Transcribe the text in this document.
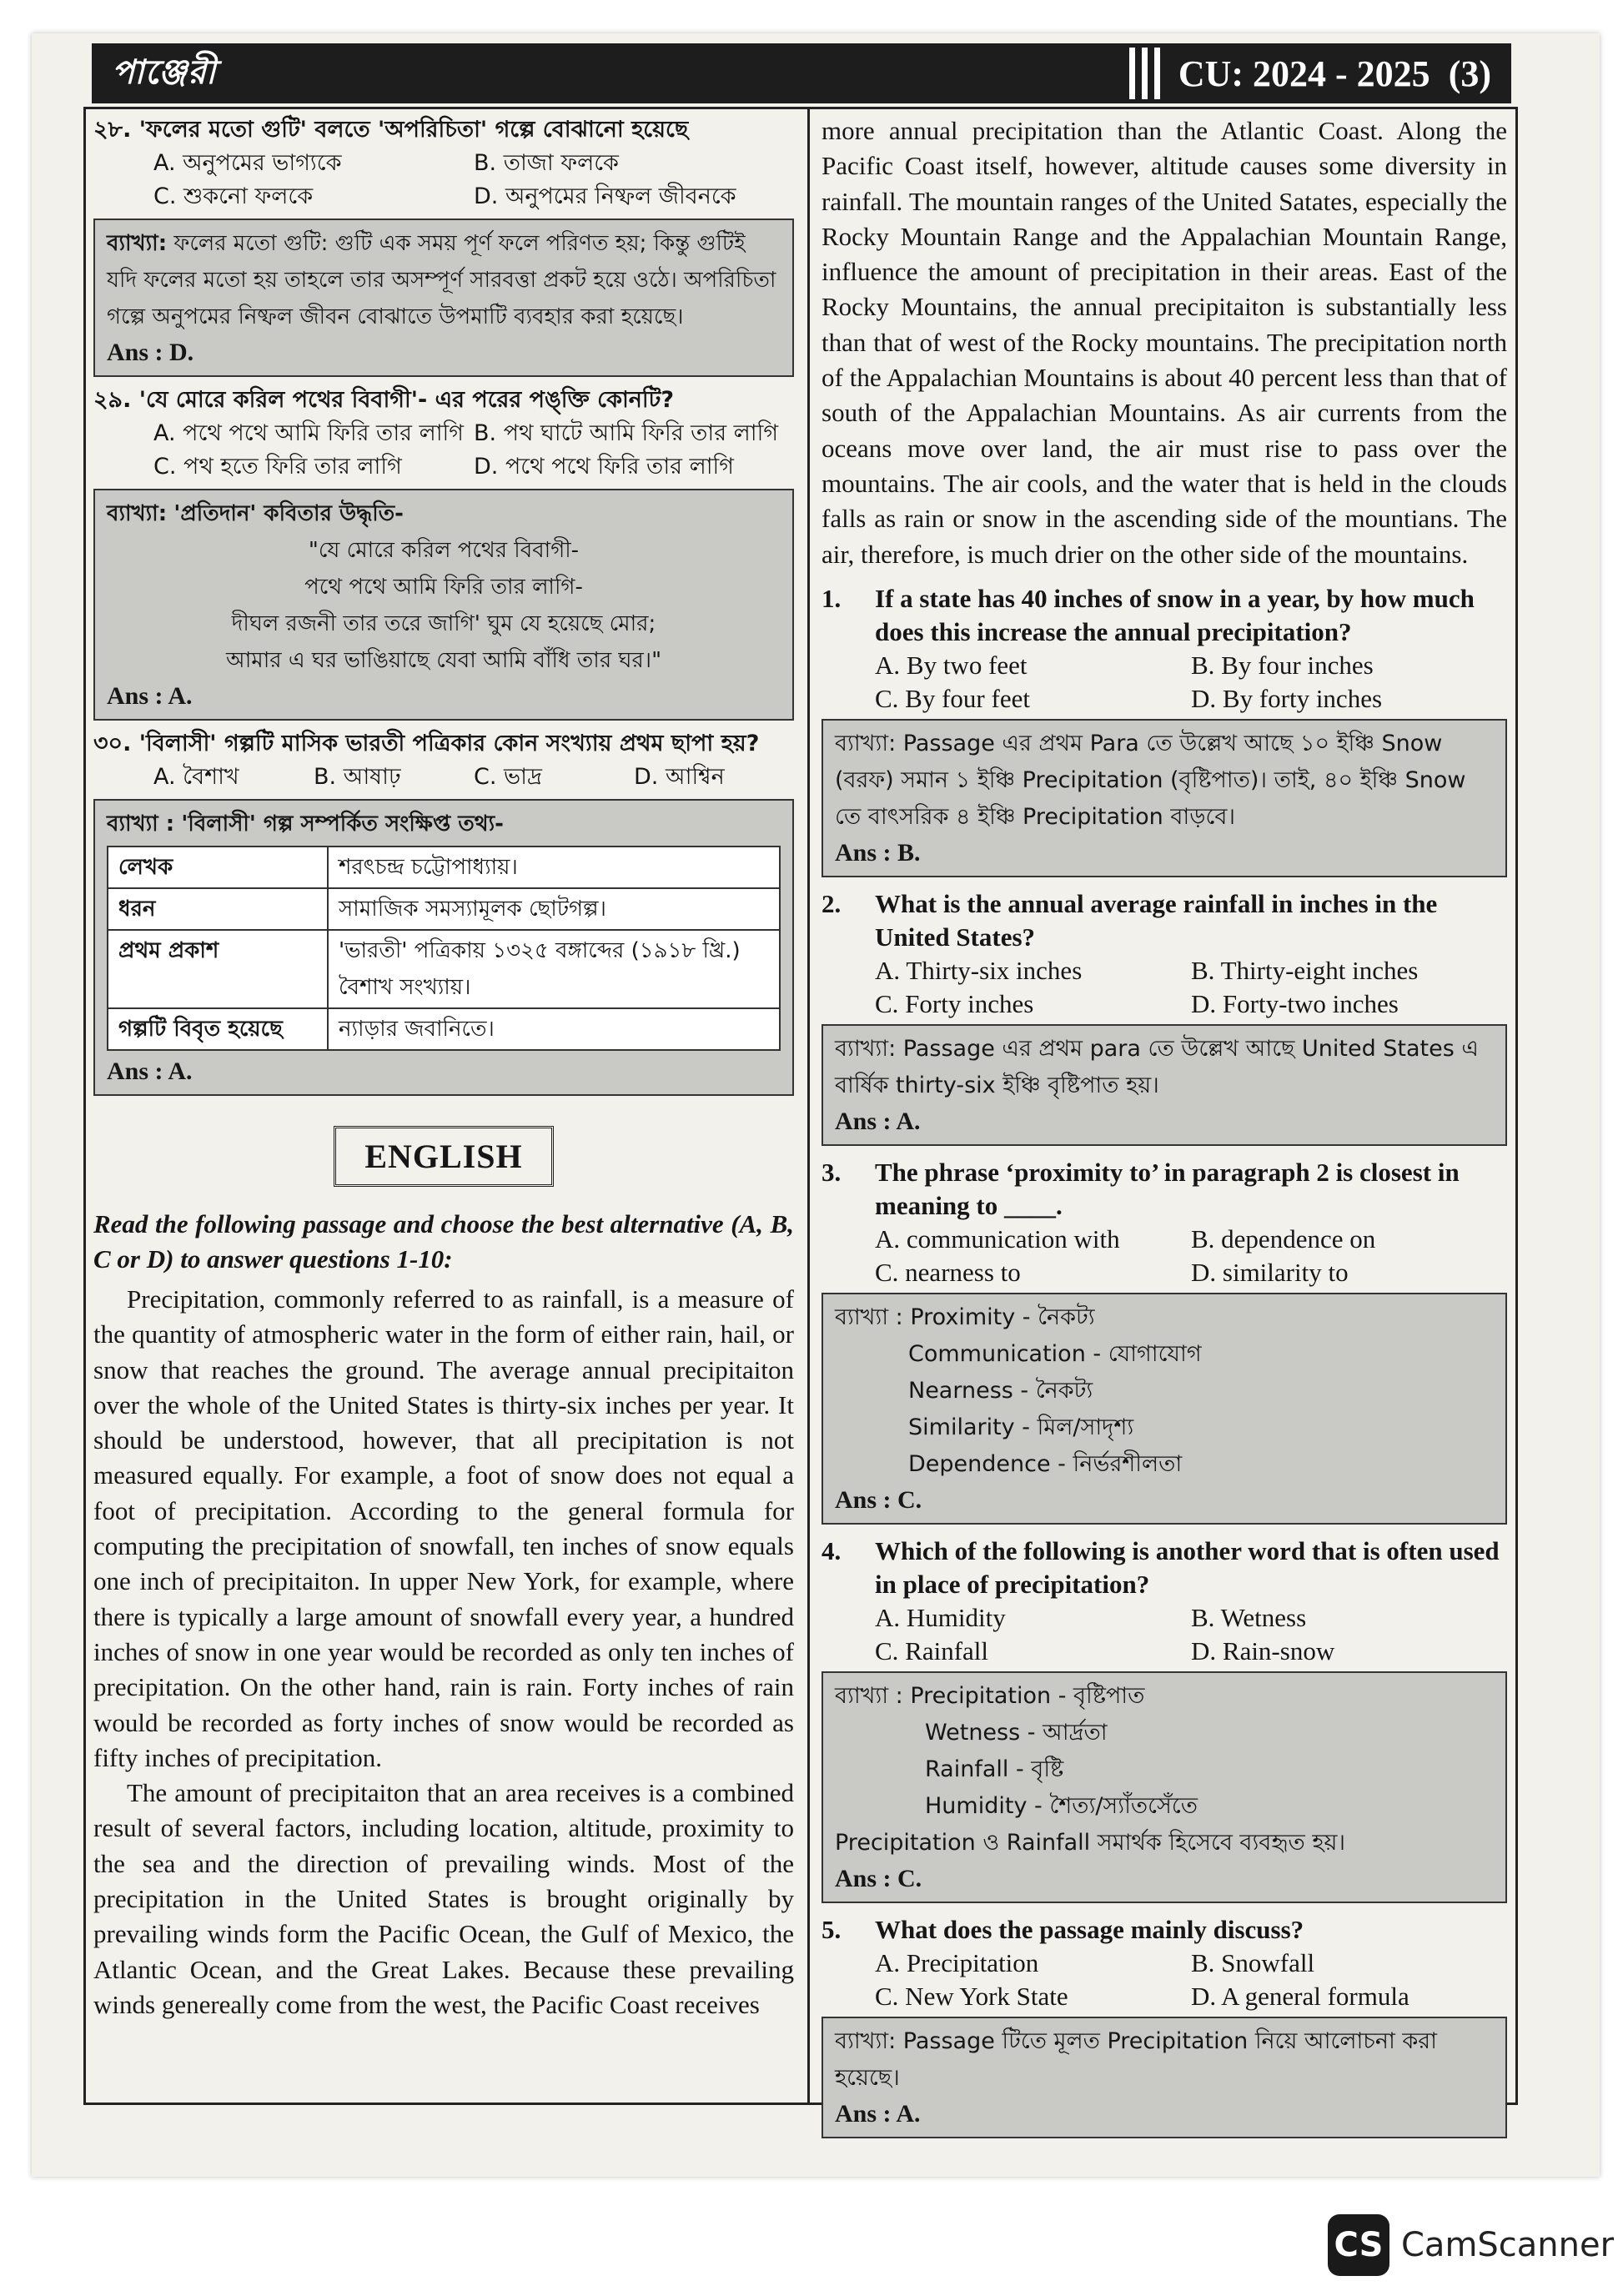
পাঞ্জেরী	CU: 2024 - 2025 (3)

২৮. 'ফলের মতো গুটি' বলতে 'অপরিচিতা' গল্পে বোঝানো হয়েছে

A. অনুপমের ভাগ্যকে	B. তাজা ফলকে
C. শুকনো ফলকে	D. অনুপমের নিষ্ফল জীবনকে
ব্যাখ্যা: ফলের মতো গুটি: গুটি এক সময় পূর্ণ ফলে পরিণত হয়; কিন্তু গুটিই যদি ফলের মতো হয় তাহলে তার অসম্পূর্ণ সারবত্তা প্রকট হয়ে ওঠে। অপরিচিতা গল্পে অনুপমের নিষ্ফল জীবন বোঝাতে উপমাটি ব্যবহার করা হয়েছে।
Ans : D.

২৯. 'যে মোরে করিল পথের বিবাগী'- এর পরের পঙ্‌ক্তি কোনটি?

A. পথে পথে আমি ফিরি তার লাগি B. পথ ঘাটে আমি ফিরি তার লাগি
C. পথ হতে ফিরি তার লাগি	D. পথে পথে ফিরি তার লাগি
ব্যাখ্যা: 'প্রতিদান' কবিতার উদ্ধৃতি-
"যে মোরে করিল পথের বিবাগী-
পথে পথে আমি ফিরি তার লাগি-
দীঘল রজনী তার তরে জাগি' ঘুম যে হয়েছে মোর;
আমার এ ঘর ভাঙিয়াছে যেবা আমি বাঁধি তার ঘর।"
Ans : A.

৩০. 'বিলাসী' গল্পটি মাসিক ভারতী পত্রিকার কোন সংখ্যায় প্রথম ছাপা হয়?

A. বৈশাখ	B. আষাঢ়	C. ভাদ্র	D. আশ্বিন
ব্যাখ্যা : 'বিলাসী' গল্প সম্পর্কিত সংক্ষিপ্ত তথ্য-
লেখক	শরৎচন্দ্র চট্টোপাধ্যায়।
ধরন	সামাজিক সমস্যামূলক ছোটগল্প।
প্রথম প্রকাশ	'ভারতী' পত্রিকায় ১৩২৫ বঙ্গাব্দের (১৯১৮ খ্রি.) বৈশাখ সংখ্যায়।
গল্পটি বিবৃত হয়েছে	ন্যাড়ার জবানিতে।
Ans : A.
ENGLISH

Read the following passage and choose the best alternative (A, B, C or D) to answer questions 1-10:

Precipitation, commonly referred to as rainfall, is a measure of the quantity of atmospheric water in the form of either rain, hail, or snow that reaches the ground. The average annual precipitaiton over the whole of the United States is thirty-six inches per year. It should be understood, however, that all precipitation is not measured equally. For example, a foot of snow does not equal a foot of precipitation. According to the general formula for computing the precipitation of snowfall, ten inches of snow equals one inch of precipitaiton. In upper New York, for example, where there is typically a large amount of snowfall every year, a hundred inches of snow in one year would be recorded as only ten inches of precipitation. On the other hand, rain is rain. Forty inches of rain would be recorded as forty inches of snow would be recorded as fifty inches of precipitation.

The amount of precipitaiton that an area receives is a combined result of several factors, including location, altitude, proximity to the sea and the direction of prevailing winds. Most of the precipitation in the United States is brought originally by prevailing winds form the Pacific Ocean, the Gulf of Mexico, the Atlantic Ocean, and the Great Lakes. Because these prevailing winds genereally come from the west, the Pacific Coast receives

more annual precipitation than the Atlantic Coast. Along the Pacific Coast itself, however, altitude causes some diversity in rainfall. The mountain ranges of the United Satates, especially the Rocky Mountain Range and the Appalachian Mountain Range, influence the amount of precipitation in their areas. East of the Rocky Mountains, the annual precipitaiton is substantially less than that of west of the Rocky mountains. The precipitation north of the Appalachian Mountains is about 40 percent less than that of south of the Appalachian Mountains. As air currents from the oceans move over land, the air must rise to pass over the mountains. The air cools, and the water that is held in the clouds falls as rain or snow in the ascending side of the mountians. The air, therefore, is much drier on the other side of the mountains.

1.	If a state has 40 inches of snow in a year, by how much does this increase the annual precipitation?
A. By two feet	B. By four inches
C. By four feet	D. By forty inches
ব্যাখ্যা: Passage এর প্রথম Para তে উল্লেখ আছে ১০ ইঞ্চি Snow (বরফ) সমান ১ ইঞ্চি Precipitation (বৃষ্টিপাত)। তাই, ৪০ ইঞ্চি Snow তে বাৎসরিক ৪ ইঞ্চি Precipitation বাড়বে।
Ans : B.
2.	What is the annual average rainfall in inches in the United States?
A. Thirty-six inches	B. Thirty-eight inches
C. Forty inches	D. Forty-two inches
ব্যাখ্যা: Passage এর প্রথম para তে উল্লেখ আছে United States এ বার্ষিক thirty-six ইঞ্চি বৃষ্টিপাত হয়।
Ans : A.
3.	The phrase ‘proximity to’ in paragraph 2 is closest in meaning to ____.
A. communication with	B. dependence on
C. nearness to	D. similarity to
ব্যাখ্যা : Proximity - নৈকট্য
Communication - যোগাযোগ
Nearness - নৈকট্য
Similarity - মিল/সাদৃশ্য
Dependence - নির্ভরশীলতা
Ans : C.
4.	Which of the following is another word that is often used in place of precipitation?
A. Humidity	B. Wetness
C. Rainfall	D. Rain-snow
ব্যাখ্যা : Precipitation - বৃষ্টিপাত
Wetness - আর্দ্রতা
Rainfall - বৃষ্টি
Humidity - শৈত্য/স্যাঁতসেঁতে
Precipitation ও Rainfall সমার্থক হিসেবে ব্যবহৃত হয়।
Ans : C.
5.	What does the passage mainly discuss?
A. Precipitation	B. Snowfall
C. New York State	D. A general formula
ব্যাখ্যা: Passage টিতে মূলত Precipitation নিয়ে আলোচনা করা হয়েছে।
Ans : A.
CS CamScanner
